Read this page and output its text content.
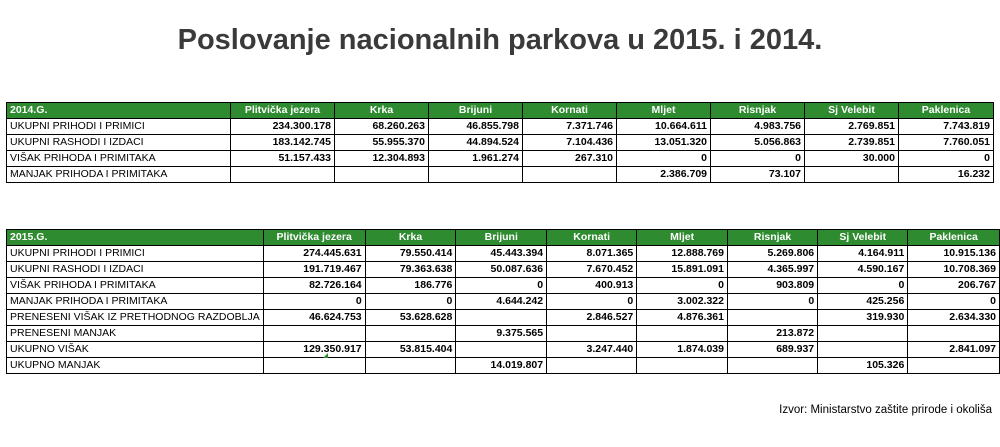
Poslovanje nacionalnih parkova u 2015. i 2014.
2014.G.	Plitvička jezera	Krka	Brijuni	Kornati	Mljet	Risnjak	Sj Velebit	Paklenica
UKUPNI PRIHODI I PRIMICI	234.300.178	68.260.263	46.855.798	7.371.746	10.664.611	4.983.756	2.769.851	7.743.819
UKUPNI RASHODI I IZDACI	183.142.745	55.955.370	44.894.524	7.104.436	13.051.320	5.056.863	2.739.851	7.760.051
VIŠAK PRIHODA I PRIMITAKA	51.157.433	12.304.893	1.961.274	267.310	0	0	30.000	0
MANJAK PRIHODA I PRIMITAKA					2.386.709	73.107		16.232
2015.G.	Plitvička jezera	Krka	Brijuni	Kornati	Mljet	Risnjak	Sj Velebit	Paklenica
UKUPNI PRIHODI I PRIMICI	274.445.631	79.550.414	45.443.394	8.071.365	12.888.769	5.269.806	4.164.911	10.915.136
UKUPNI RASHODI I IZDACI	191.719.467	79.363.638	50.087.636	7.670.452	15.891.091	4.365.997	4.590.167	10.708.369
VIŠAK PRIHODA I PRIMITAKA	82.726.164	186.776	0	400.913	0	903.809	0	206.767
MANJAK PRIHODA I PRIMITAKA	0	0	4.644.242	0	3.002.322	0	425.256	0
PRENESENI VIŠAK IZ PRETHODNOG RAZDOBLJA	46.624.753	53.628.628		2.846.527	4.876.361		319.930	2.634.330
PRENESENI MANJAK			9.375.565			213.872		
UKUPNO VIŠAK	129.350.917	53.815.404		3.247.440	1.874.039	689.937		2.841.097
UKUPNO MANJAK			14.019.807				105.326	
Izvor: Ministarstvo zaštite prirode i okoliša
